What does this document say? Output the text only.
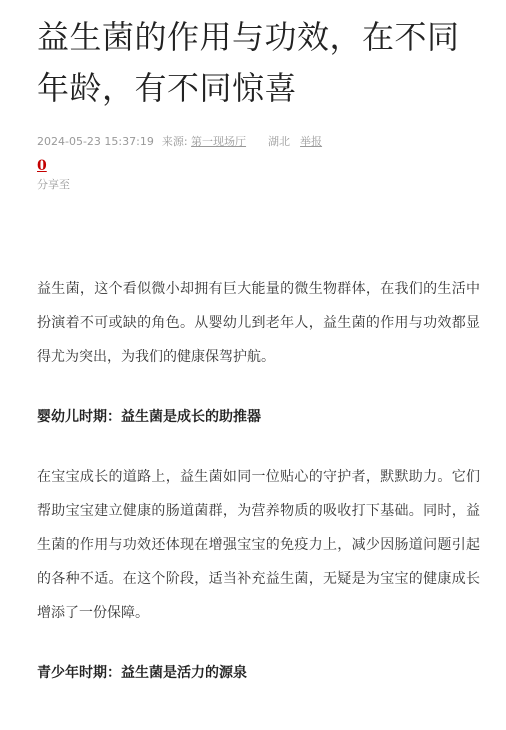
益生菌的作用与功效，在不同年龄，有不同惊喜
2024-05-23 15:37:19 来源: 第一现场厅 湖北 举报
0
分享至

益生菌，这个看似微小却拥有巨大能量的微生物群体，在我们的生活中扮演着不可或缺的角色。从婴幼儿到老年人，益生菌的作用与功效都显得尤为突出，为我们的健康保驾护航。

婴幼儿时期：益生菌是成长的助推器

在宝宝成长的道路上，益生菌如同一位贴心的守护者，默默助力。它们帮助宝宝建立健康的肠道菌群，为营养物质的吸收打下基础。同时，益生菌的作用与功效还体现在增强宝宝的免疫力上，减少因肠道问题引起的各种不适。在这个阶段，适当补充益生菌，无疑是为宝宝的健康成长增添了一份保障。

青少年时期：益生菌是活力的源泉
